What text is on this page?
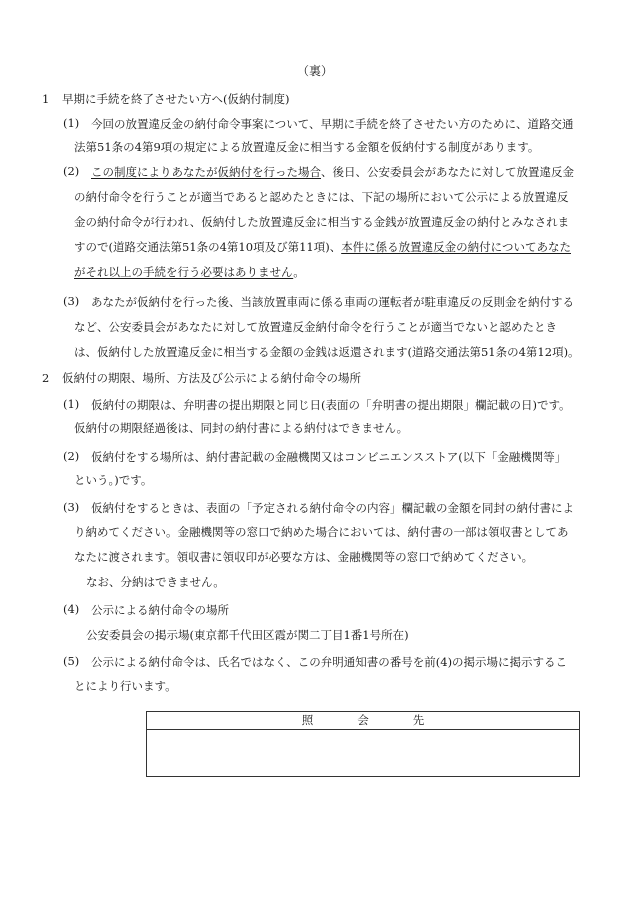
（裏）
1 早期に手続を終了させたい方へ(仮納付制度)
(1) 今回の放置違反金の納付命令事案について、早期に手続を終了させたい方のために、道路交通
法第51条の4第9項の規定による放置違反金に相当する金額を仮納付する制度があります。
(2) この制度によりあなたが仮納付を行った場合、後日、公安委員会があなたに対して放置違反金
の納付命令を行うことが適当であると認めたときには、下記の場所において公示による放置違反
金の納付命令が行われ、仮納付した放置違反金に相当する金銭が放置違反金の納付とみなされま
すので(道路交通法第51条の4第10項及び第11項)、本件に係る放置違反金の納付についてあなた
がそれ以上の手続を行う必要はありません。
(3) あなたが仮納付を行った後、当該放置車両に係る車両の運転者が駐車違反の反則金を納付する
など、公安委員会があなたに対して放置違反金納付命令を行うことが適当でないと認めたとき
は、仮納付した放置違反金に相当する金額の金銭は返還されます(道路交通法第51条の4第12項)。
2 仮納付の期限、場所、方法及び公示による納付命令の場所
(1) 仮納付の期限は、弁明書の提出期限と同じ日(表面の「弁明書の提出期限」欄記載の日)です。
仮納付の期限経過後は、同封の納付書による納付はできません。
(2) 仮納付をする場所は、納付書記載の金融機関又はコンビニエンスストア(以下「金融機関等」
という。)です。
(3) 仮納付をするときは、表面の「予定される納付命令の内容」欄記載の金額を同封の納付書によ
り納めてください。金融機関等の窓口で納めた場合においては、納付書の一部は領収書としてあ
なたに渡されます。領収書に領収印が必要な方は、金融機関等の窓口で納めてください。
なお、分納はできません。
(4) 公示による納付命令の場所
公安委員会の掲示場(東京都千代田区霞が関二丁目1番1号所在)
(5) 公示による納付命令は、氏名ではなく、この弁明通知書の番号を前(4)の掲示場に掲示するこ
とにより行います。
照	会	先
